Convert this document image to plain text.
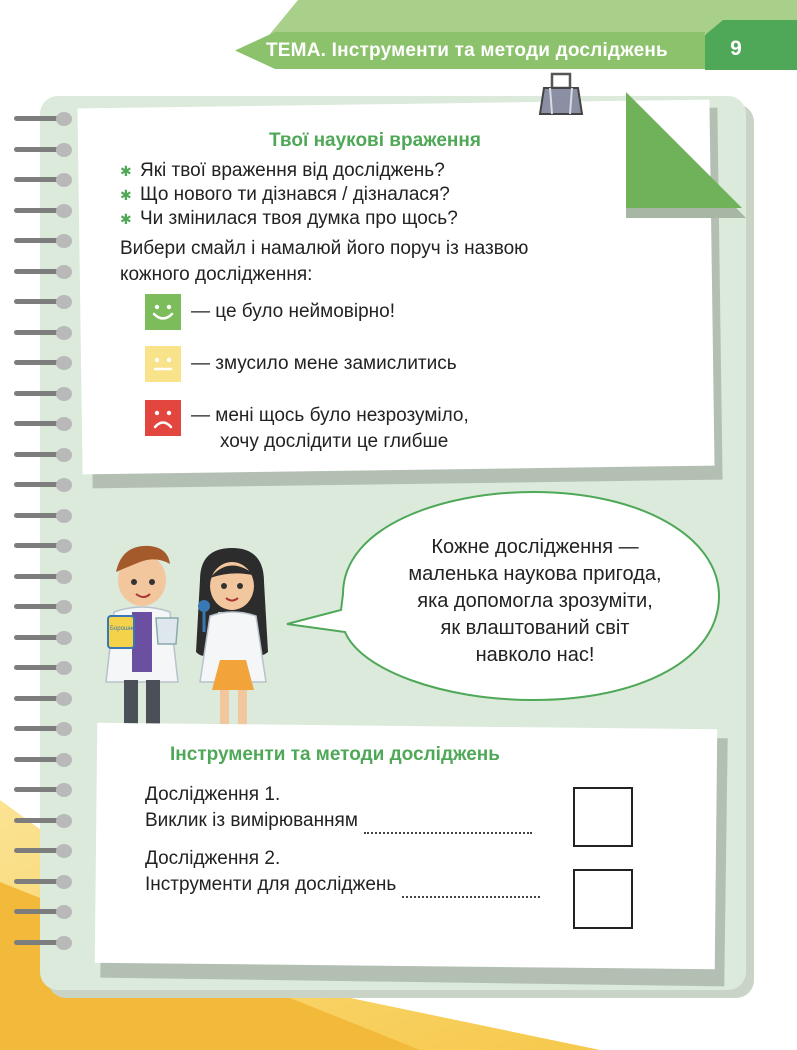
ТЕМА. Інструменти та методи досліджень	9
Твої наукові враження
✱ Які твої враження від досліджень?
✱ Що нового ти дізнався / дізналася?
✱ Чи змінилася твоя думка про щось?
Вибери смайл і намалюй його поруч із назвою
кожного дослідження:
— це було неймовірно!
— змусило мене замислитись
— мені щось було незрозуміло,
хочу дослідити це глибше
Кожне дослідження —
маленька наукова пригода,
яка допомогла зрозуміти,
як влаштований світ
навколо нас!
Борошно
Інструменти та методи досліджень
Дослідження 1.
Виклик із вимірюванням
Дослідження 2.
Інструменти для досліджень
